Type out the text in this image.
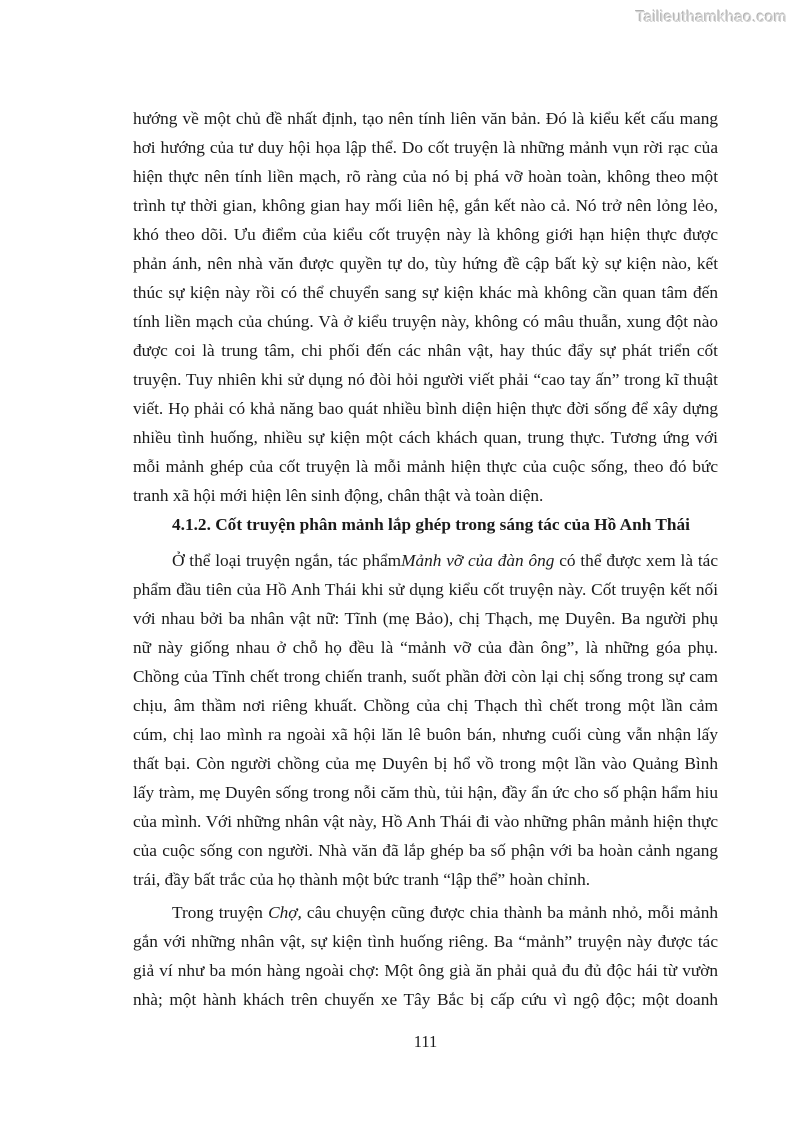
Tailieuthamkhao.com

hướng về một chủ đề nhất định, tạo nên tính liên văn bản. Đó là kiểu kết cấu mang hơi hướng của tư duy hội họa lập thể. Do cốt truyện là những mảnh vụn rời rạc của hiện thực nên tính liền mạch, rõ ràng của nó bị phá vỡ hoàn toàn, không theo một trình tự thời gian, không gian hay mối liên hệ, gắn kết nào cả. Nó trở nên lỏng lẻo, khó theo dõi. Ưu điểm của kiểu cốt truyện này là không giới hạn hiện thực được phản ánh, nên nhà văn được quyền tự do, tùy hứng đề cập bất kỳ sự kiện nào, kết thúc sự kiện này rồi có thể chuyển sang sự kiện khác mà không cần quan tâm đến tính liền mạch của chúng. Và ở kiểu truyện này, không có mâu thuẫn, xung đột nào được coi là trung tâm, chi phối đến các nhân vật, hay thúc đẩy sự phát triển cốt truyện. Tuy nhiên khi sử dụng nó đòi hỏi người viết phải “cao tay ấn” trong kĩ thuật viết. Họ phải có khả năng bao quát nhiều bình diện hiện thực đời sống để xây dựng nhiều tình huống, nhiều sự kiện một cách khách quan, trung thực. Tương ứng với mỗi mảnh ghép của cốt truyện là mỗi mảnh hiện thực của cuộc sống, theo đó bức tranh xã hội mới hiện lên sinh động, chân thật và toàn diện.

4.1.2. Cốt truyện phân mảnh lắp ghép trong sáng tác của Hồ Anh Thái

Ở thể loại truyện ngắn, tác phẩmMảnh vỡ của đàn ông có thể được xem là tác phẩm đầu tiên của Hồ Anh Thái khi sử dụng kiểu cốt truyện này. Cốt truyện kết nối với nhau bởi ba nhân vật nữ: Tĩnh (mẹ Bảo), chị Thạch, mẹ Duyên. Ba người phụ nữ này giống nhau ở chỗ họ đều là “mảnh vỡ của đàn ông”, là những góa phụ. Chồng của Tĩnh chết trong chiến tranh, suốt phần đời còn lại chị sống trong sự cam chịu, âm thầm nơi riêng khuất. Chồng của chị Thạch thì chết trong một lần cảm cúm, chị lao mình ra ngoài xã hội lăn lê buôn bán, nhưng cuối cùng vẫn nhận lấy thất bại. Còn người chồng của mẹ Duyên bị hổ vồ trong một lần vào Quảng Bình lấy tràm, mẹ Duyên sống trong nỗi căm thù, tủi hận, đầy ẩn ức cho số phận hẩm hiu của mình. Với những nhân vật này, Hồ Anh Thái đi vào những phân mảnh hiện thực của cuộc sống con người. Nhà văn đã lắp ghép ba số phận với ba hoàn cảnh ngang trái, đầy bất trắc của họ thành một bức tranh “lập thể” hoàn chỉnh.

Trong truyện Chợ, câu chuyện cũng được chia thành ba mảnh nhỏ, mỗi mảnh gắn với những nhân vật, sự kiện tình huống riêng. Ba “mảnh” truyện này được tác giả ví như ba món hàng ngoài chợ: Một ông già ăn phải quả đu đủ độc hái từ vườn nhà; một hành khách trên chuyến xe Tây Bắc bị cấp cứu vì ngộ độc; một doanh

111
